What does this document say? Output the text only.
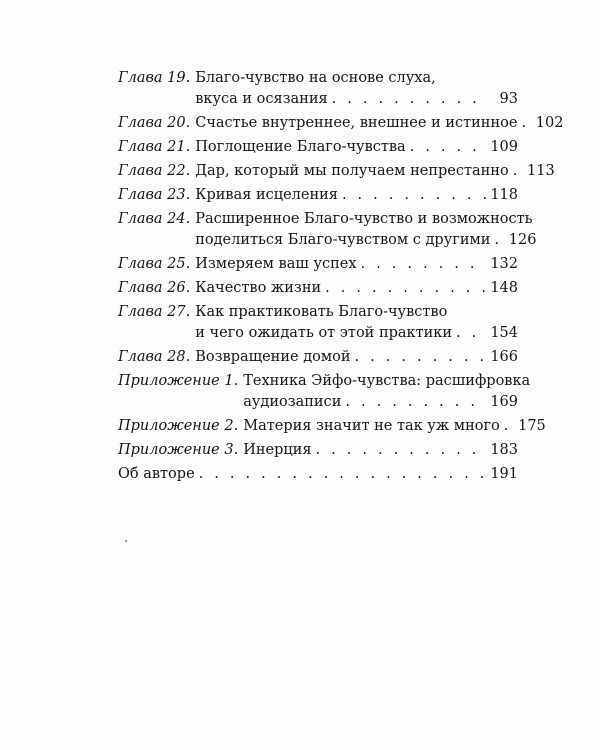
Глава 19. Благо-чувство на основе слуха,
вкуса и осязания . . .	93
Глава 20. Счастье внутреннее, внешнее и истинное . . . 102
Глава 21. Поглощение Благо-чувства . . .	109
Глава 22. Дар, который мы получаем непрестанно . . . 113
Глава 23. Кривая исцеления . . .	118
Глава 24. Расширенное Благо-чувство и возможность
поделиться Благо-чувством с другими . . . 126
Глава 25. Измеряем ваш успех . . .	132
Глава 26. Качество жизни . . .	148
Глава 27. Как практиковать Благо-чувство
и чего ожидать от этой практики . . .	154
Глава 28. Возвращение домой . . .	166
Приложение 1. Техника Эйфо-чувства: расшифровка
аудиозаписи . . .	169
Приложение 2. Материя значит не так уж много . . . 175
Приложение 3. Инерция . . .	183
Об авторе . . .	191
